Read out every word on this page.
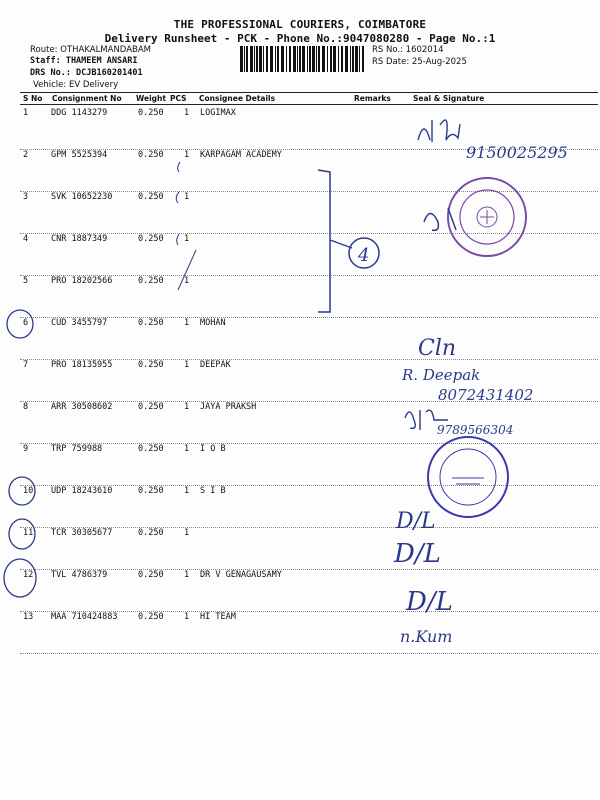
THE PROFESSIONAL COURIERS, COIMBATORE
Delivery Runsheet - PCK - Phone No.:9047080280 - Page No.:1
Route: OTHAKALMANDABAM
Staff: THAMEEM ANSARI
DRS No.: DCJB160201401
Vehicle: EV Delivery
RS No.: 1602014
RS Date: 25-Aug-2025
S No Consignment No Weight PCS Consignee Details	Remarks	Seal & Signature
1	DDG 1143279	0.250 1 LOGIMAX
2	GPM 5525394	0.250 1 KARPAGAM ACADEMY
3	SVK 10652230	0.250 1
4	CNR 1887349	0.250 1
5	PRO 18202566	0.250 1
6	CUD 3455797	0.250 1 MOHAN
7	PRO 18135955	0.250 1 DEEPAK
8	ARR 30508602	0.250 1 JAYA PRAKSH
9	TRP 759988	0.250 1 I O B
10 UDP 18243610	0.250 1 S I B
11 TCR 30305677	0.250 1
12 TVL 4786379	0.250 1 DR V GENAGAUSAMY
13 MAA 710424883 0.250 1 HI TEAM
4
9150025295
Cln
R. Deepak
8072431402
9789566304
D/L
D/L
D/L
n.Kum
